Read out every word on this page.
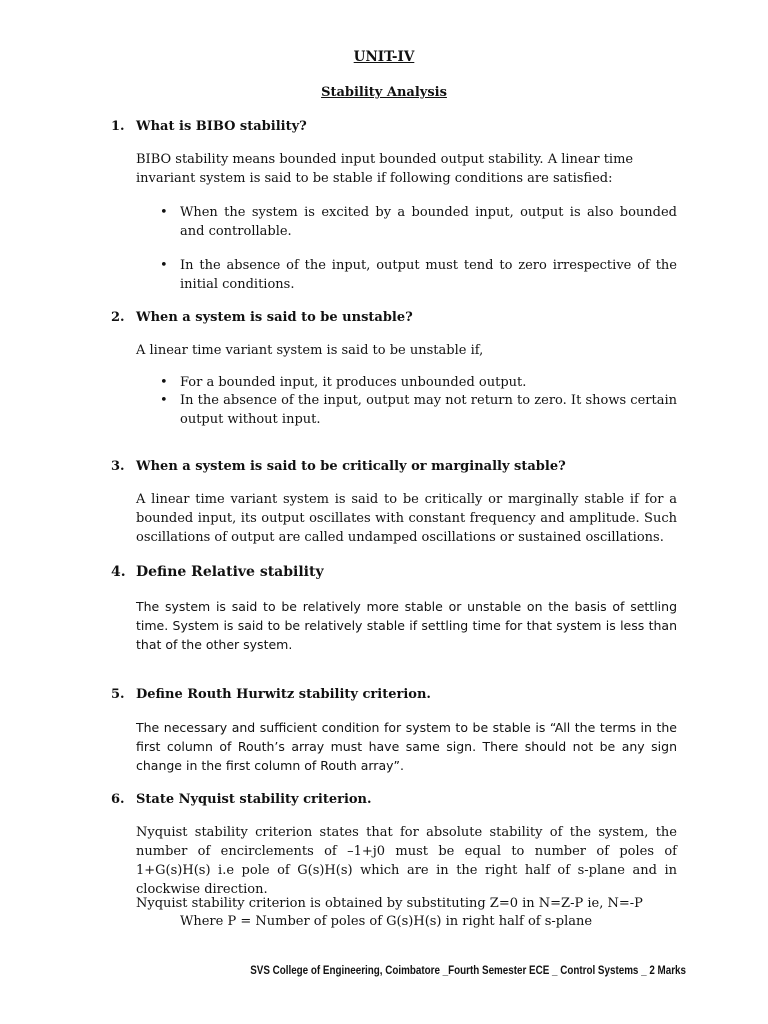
UNIT-IV
Stability Analysis
1. What is BIBO stability?
BIBO stability means bounded input bounded output stability. A linear time
invariant system is said to be stable if following conditions are satisfied:
• When the system is excited by a bounded input, output is also bounded and controllable.
• In the absence of the input, output must tend to zero irrespective of the initial conditions.
2. When a system is said to be unstable?
A linear time variant system is said to be unstable if,
• For a bounded input, it produces unbounded output.
• In the absence of the input, output may not return to zero. It shows certain output without input.
3. When a system is said to be critically or marginally stable?
A linear time variant system is said to be critically or marginally stable if for a bounded input, its output oscillates with constant frequency and amplitude. Such oscillations of output are called undamped oscillations or sustained oscillations.
4. Define Relative stability
The system is said to be relatively more stable or unstable on the basis of settling time. System is said to be relatively stable if settling time for that system is less than that of the other system.
5. Define Routh Hurwitz stability criterion.
The necessary and sufficient condition for system to be stable is “All the terms in the first column of Routh’s array must have same sign. There should not be any sign change in the first column of Routh array”.
6. State Nyquist stability criterion.
Nyquist stability criterion states that for absolute stability of the system, the number of encirclements of –1+j0 must be equal to number of poles of 1+G(s)H(s) i.e pole of G(s)H(s) which are in the right half of s-plane and in clockwise direction.
Nyquist stability criterion is obtained by substituting Z=0 in N=Z-P ie, N=-P
Where P = Number of poles of G(s)H(s) in right half of s-plane
SVS College of Engineering, Coimbatore _Fourth Semester ECE _ Control Systems _ 2 Marks
